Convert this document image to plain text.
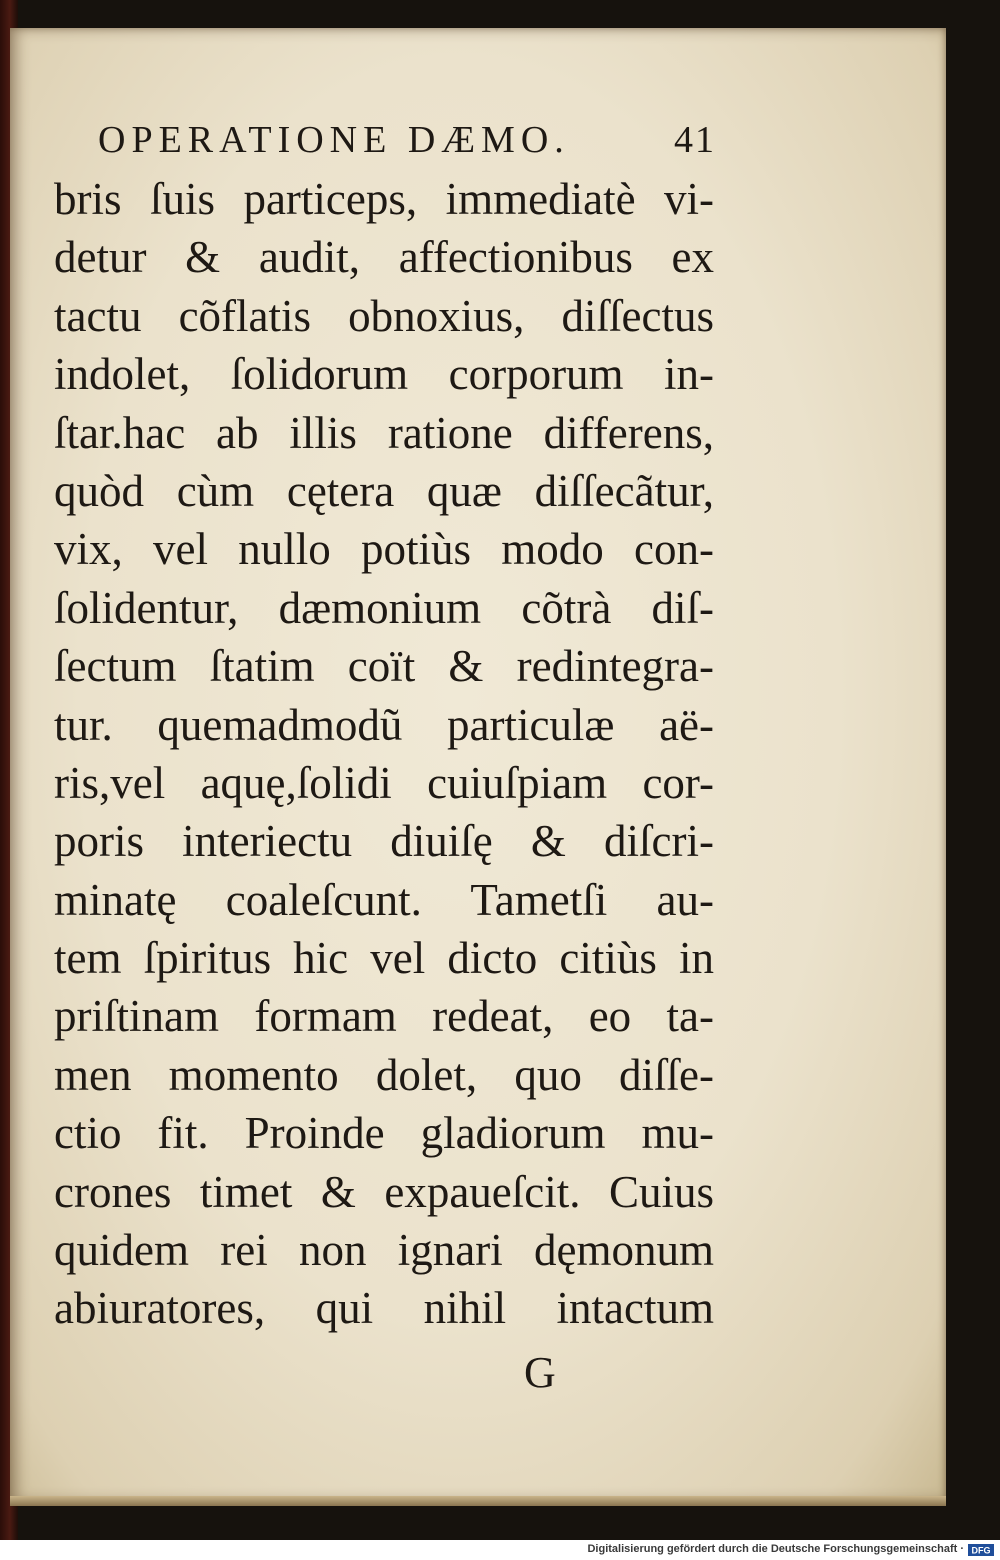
OPERATIONE DÆMO.	41
bris ſuis particeps, immediatè vi-
detur & audit, affectionibus ex
tactu cõflatis obnoxius, diſſectus
indolet, ſolidorum corporum in-
ſtar.hac ab illis ratione differens,
quòd cùm cętera quæ diſſecãtur,
vix, vel nullo potiùs modo con-
ſolidentur, dæmonium cõtrà diſ-
ſectum ſtatim coït & redintegra-
tur. quemadmodũ particulæ aë-
ris,vel aquę,ſolidi cuiuſpiam cor-
poris interiectu diuiſę & diſcri-
minatę coaleſcunt. Tametſi au-
tem ſpiritus hic vel dicto citiùs in
priſtinam formam redeat, eo ta-
men momento dolet, quo diſſe-
ctio fit. Proinde gladiorum mu-
crones timet & expaueſcit. Cuius
quidem rei non ignari dęmonum
abiuratores, qui nihil intactum
G
Digitalisierung gefördert durch die Deutsche Forschungsgemeinschaft · DFG
